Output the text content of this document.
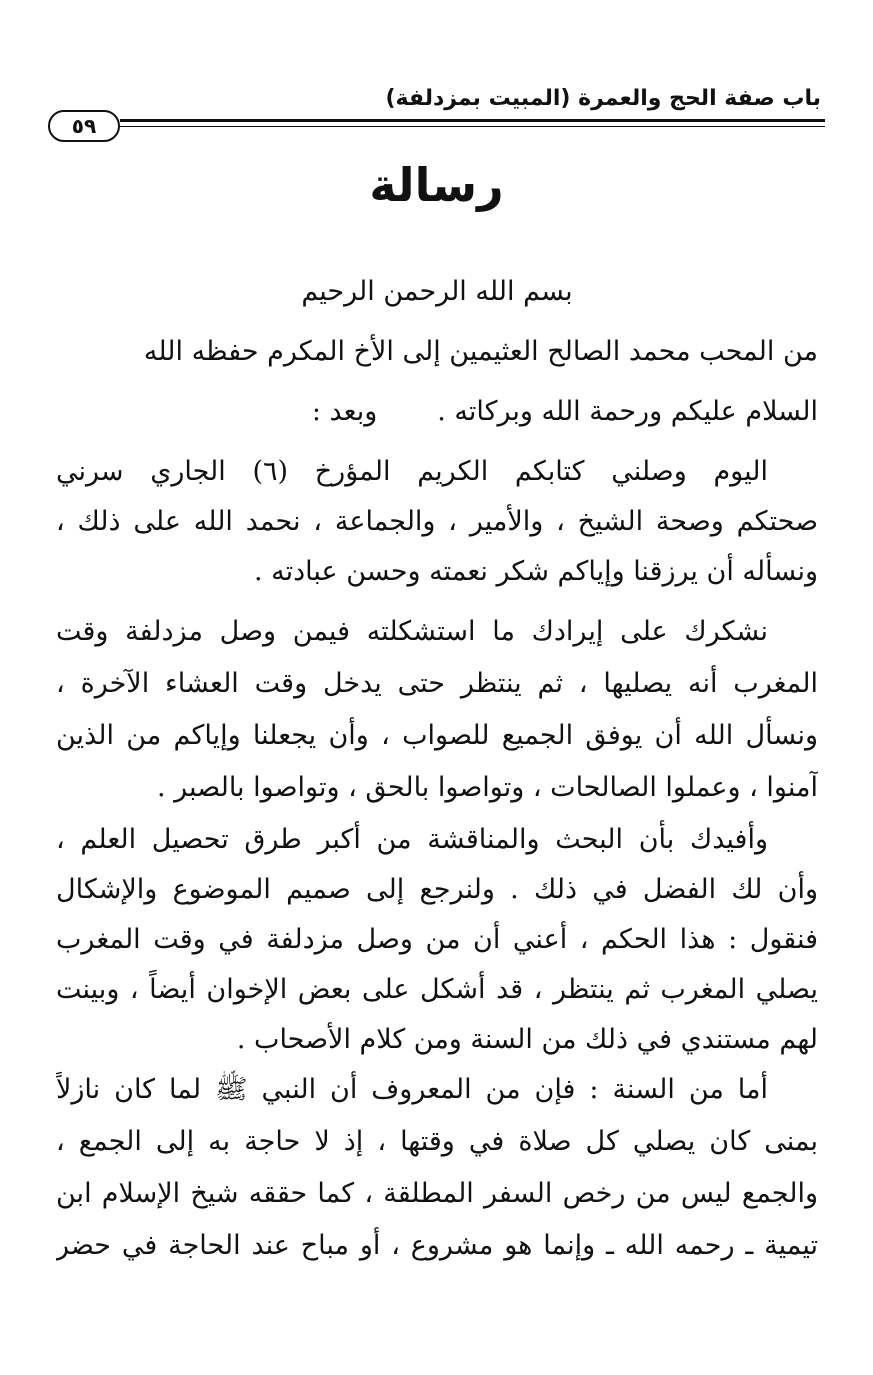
باب صفة الحج والعمرة (المبيت بمزدلفة)
٥٩
رسالة
بسم الله الرحمن الرحيم
من المحب محمد الصالح العثيمين إلى الأخ المكرم حفظه الله
السلام عليكم ورحمة الله وبركاته .وبعد :
اليوم وصلني كتابكم الكريم المؤرخ (٦) الجاري سرني
صحتكم وصحة الشيخ ، والأمير ، والجماعة ، نحمد الله على ذلك ،
ونسأله أن يرزقنا وإياكم شكر نعمته وحسن عبادته .
نشكرك على إيرادك ما استشكلته فيمن وصل مزدلفة وقت
المغرب أنه يصليها ، ثم ينتظر حتى يدخل وقت العشاء الآخرة ،
ونسأل الله أن يوفق الجميع للصواب ، وأن يجعلنا وإياكم من الذين
آمنوا ، وعملوا الصالحات ، وتواصوا بالحق ، وتواصوا بالصبر .
وأفيدك بأن البحث والمناقشة من أكبر طرق تحصيل العلم ،
وأن لك الفضل في ذلك . ولنرجع إلى صميم الموضوع والإشكال
فنقول : هذا الحكم ، أعني أن من وصل مزدلفة في وقت المغرب
يصلي المغرب ثم ينتظر ، قد أشكل على بعض الإخوان أيضاً ، وبينت
لهم مستندي في ذلك من السنة ومن كلام الأصحاب .
أما من السنة : فإن من المعروف أن النبي ﷺ لما كان نازلاً
بمنى كان يصلي كل صلاة في وقتها ، إذ لا حاجة به إلى الجمع ،
والجمع ليس من رخص السفر المطلقة ، كما حققه شيخ الإسلام ابن
تيمية ـ رحمه الله ـ وإنما هو مشروع ، أو مباح عند الحاجة في حضر
